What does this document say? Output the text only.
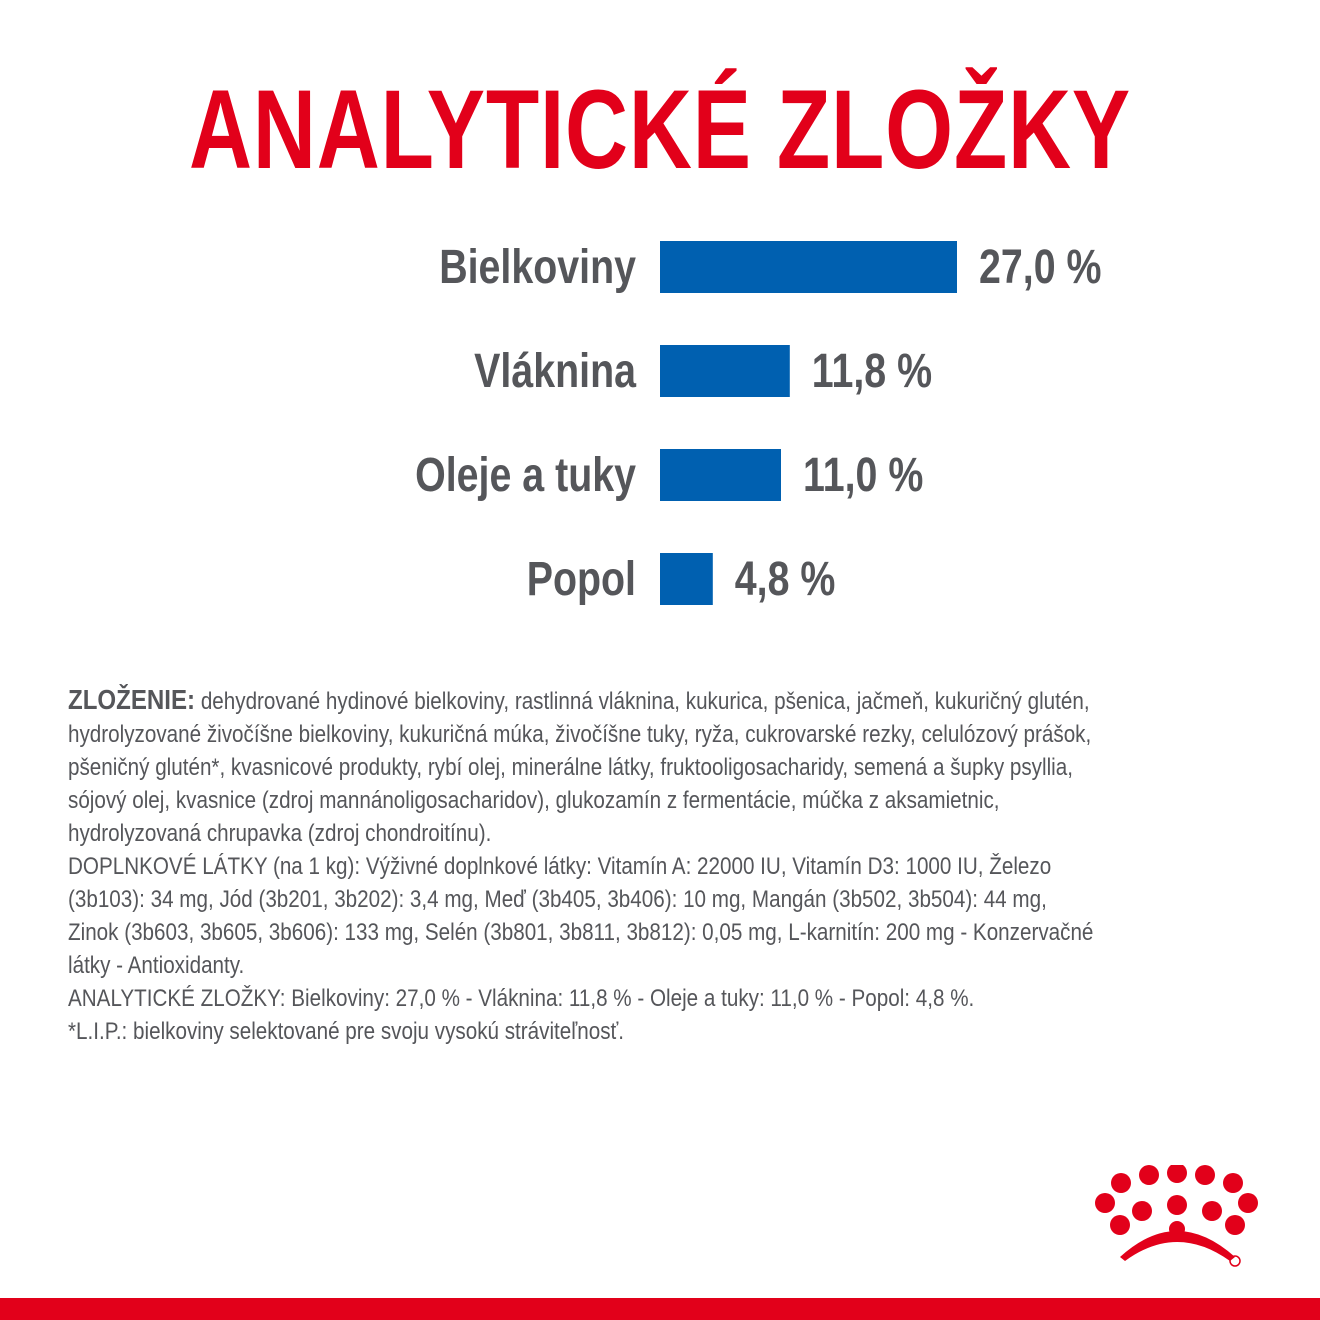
ANALYTICKÉ ZLOŽKY
Bielkoviny	27,0 %
Vláknina	11,8 %
Oleje a tuky	11,0 %
Popol 4,8 %

ZLOŽENIE: dehydrované hydinové bielkoviny, rastlinná vláknina, kukurica, pšenica, jačmeň, kukuričný glutén, hydrolyzované živočíšne bielkoviny, kukuričná múka, živočíšne tuky, ryža, cukrovarské rezky, celulózový prášok, pšeničný glutén*, kvasnicové produkty, rybí olej, minerálne látky, fruktooligosacharidy, semená a šupky psyllia, sójový olej, kvasnice (zdroj mannánoligosacharidov), glukozamín z fermentácie, múčka z aksamietnic, hydrolyzovaná chrupavka (zdroj chondroitínu).

DOPLNKOVÉ LÁTKY (na 1 kg): Výživné doplnkové látky: Vitamín A: 22000 IU, Vitamín D3: 1000 IU, Železo (3b103): 34 mg, Jód (3b201, 3b202): 3,4 mg, Meď (3b405, 3b406): 10 mg, Mangán (3b502, 3b504): 44 mg, Zinok (3b603, 3b605, 3b606): 133 mg, Selén (3b801, 3b811, 3b812): 0,05 mg, L-karnitín: 200 mg - Konzervačné látky - Antioxidanty.

ANALYTICKÉ ZLOŽKY: Bielkoviny: 27,0 % - Vláknina: 11,8 % - Oleje a tuky: 11,0 % - Popol: 4,8 %.

*L.I.P.: bielkoviny selektované pre svoju vysokú stráviteľnosť.
